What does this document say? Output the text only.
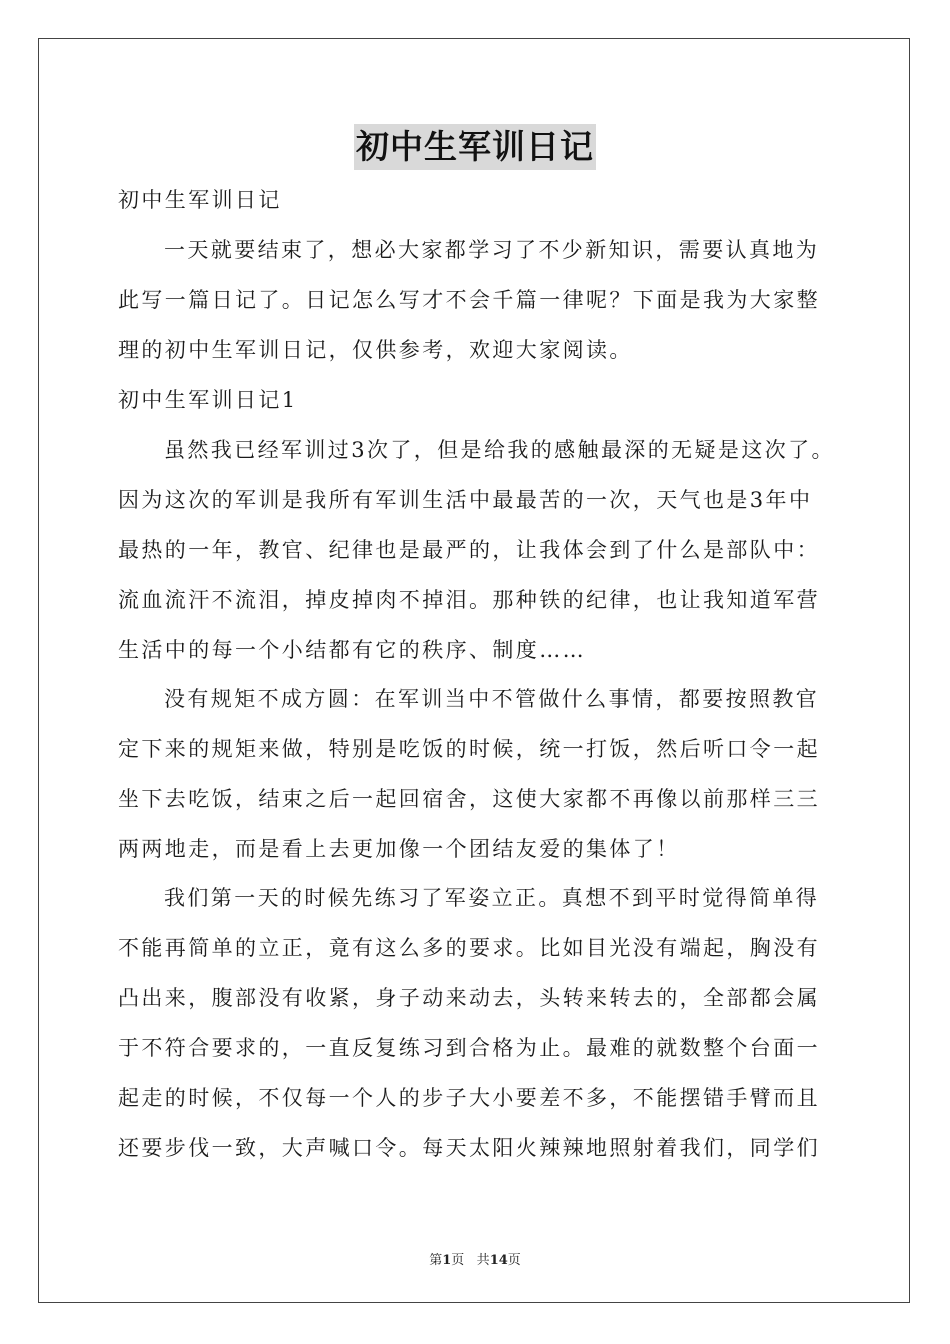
初中生军训日记
初中生军训日记
一天就要结束了，想必大家都学习了不少新知识，需要认真地为
此写一篇日记了。日记怎么写才不会千篇一律呢？下面是我为大家整
理的初中生军训日记，仅供参考，欢迎大家阅读。
初中生军训日记1
虽然我已经军训过3次了，但是给我的感触最深的无疑是这次了。
因为这次的军训是我所有军训生活中最最苦的一次，天气也是3年中
最热的一年，教官、纪律也是最严的，让我体会到了什么是部队中：
流血流汗不流泪，掉皮掉肉不掉泪。那种铁的纪律，也让我知道军营
生活中的每一个小结都有它的秩序、制度……
没有规矩不成方圆：在军训当中不管做什么事情，都要按照教官
定下来的规矩来做，特别是吃饭的时候，统一打饭，然后听口令一起
坐下去吃饭，结束之后一起回宿舍，这使大家都不再像以前那样三三
两两地走，而是看上去更加像一个团结友爱的集体了！
我们第一天的时候先练习了军姿立正。真想不到平时觉得简单得
不能再简单的立正，竟有这么多的要求。比如目光没有端起，胸没有
凸出来，腹部没有收紧，身子动来动去，头转来转去的，全部都会属
于不符合要求的，一直反复练习到合格为止。最难的就数整个台面一
起走的时候，不仅每一个人的步子大小要差不多，不能摆错手臂而且
还要步伐一致，大声喊口令。每天太阳火辣辣地照射着我们，同学们
第1页 共14页
